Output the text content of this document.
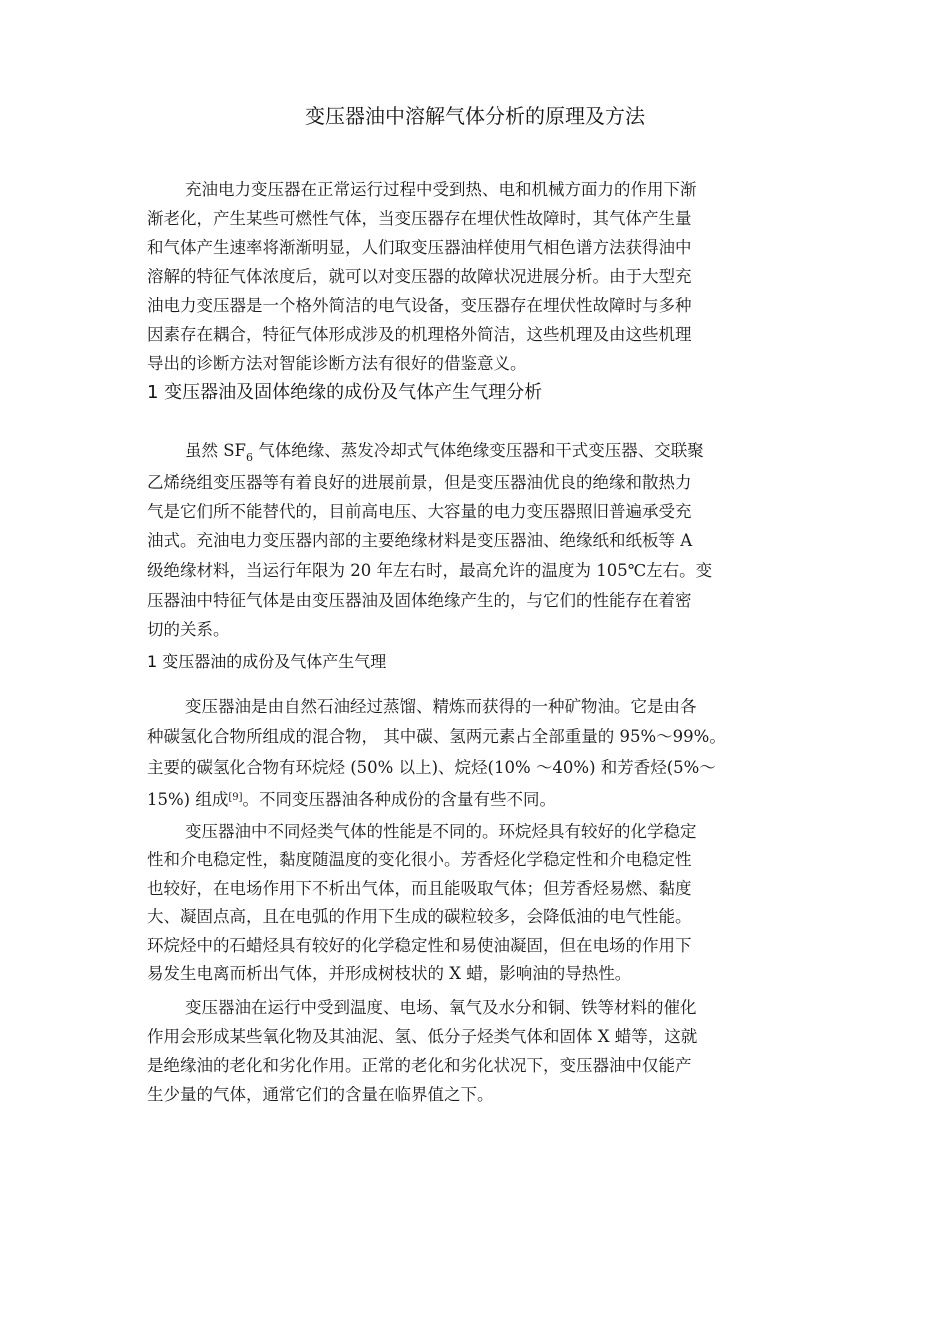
变压器油中溶解气体分析的原理及方法
充油电力变压器在正常运行过程中受到热、电和机械方面力的作用下渐
渐老化，产生某些可燃性气体，当变压器存在埋伏性故障时，其气体产生量
和气体产生速率将渐渐明显，人们取变压器油样使用气相色谱方法获得油中
溶解的特征气体浓度后，就可以对变压器的故障状况进展分析。由于大型充
油电力变压器是一个格外简洁的电气设备，变压器存在埋伏性故障时与多种
因素存在耦合，特征气体形成涉及的机理格外简洁，这些机理及由这些机理
导出的诊断方法对智能诊断方法有很好的借鉴意义。
1 变压器油及固体绝缘的成份及气体产生气理分析
虽然 $SF_6$ 气体绝缘、蒸发冷却式气体绝缘变压器和干式变压器、交联聚
乙烯绕组变压器等有着良好的进展前景，但是变压器油优良的绝缘和散热力
气是它们所不能替代的，目前高电压、大容量的电力变压器照旧普遍承受充
油式。充油电力变压器内部的主要绝缘材料是变压器油、绝缘纸和纸板等 A
级绝缘材料，当运行年限为 20 年左右时，最高允许的温度为 105℃左右。变
压器油中特征气体是由变压器油及固体绝缘产生的，与它们的性能存在着密
切的关系。
1 变压器油的成份及气体产生气理
变压器油是由自然石油经过蒸馏、精炼而获得的一种矿物油。它是由各
种碳氢化合物所组成的混合物， 其中碳、氢两元素占全部重量的 95%～99%。
主要的碳氢化合物有环烷烃 (50% 以上)、烷烃(10% ～40%) 和芳香烃(5%～
15%) 组成[9]。不同变压器油各种成份的含量有些不同。
变压器油中不同烃类气体的性能是不同的。环烷烃具有较好的化学稳定
性和介电稳定性，黏度随温度的变化很小。芳香烃化学稳定性和介电稳定性
也较好，在电场作用下不析出气体，而且能吸取气体；但芳香烃易燃、黏度
大、凝固点高，且在电弧的作用下生成的碳粒较多，会降低油的电气性能。
环烷烃中的石蜡烃具有较好的化学稳定性和易使油凝固，但在电场的作用下
易发生电离而析出气体，并形成树枝状的 X 蜡，影响油的导热性。
变压器油在运行中受到温度、电场、氧气及水分和铜、铁等材料的催化
作用会形成某些氧化物及其油泥、氢、低分子烃类气体和固体 X 蜡等，这就
是绝缘油的老化和劣化作用。正常的老化和劣化状况下，变压器油中仅能产
生少量的气体，通常它们的含量在临界值之下。
